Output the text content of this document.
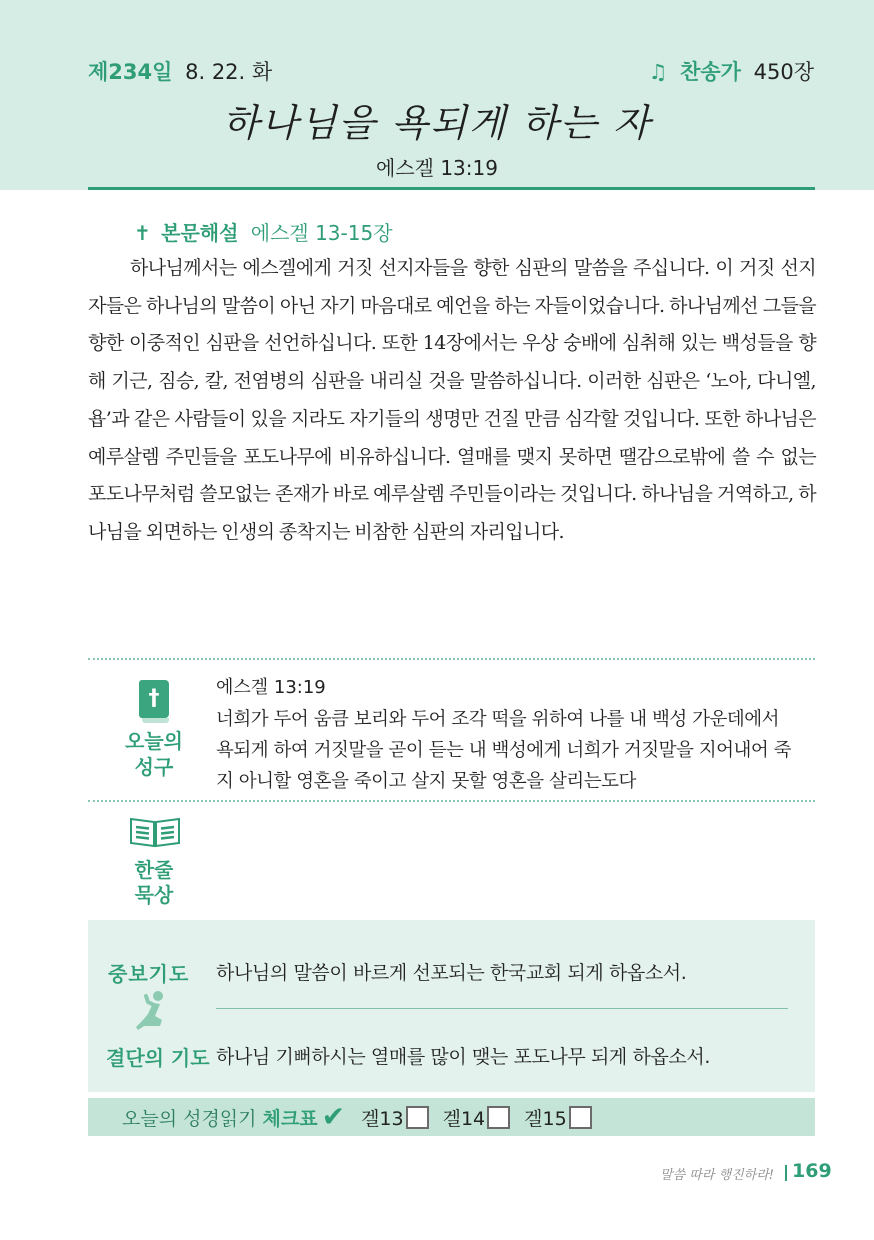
제234일 8. 22. 화	♫ 찬송가 450장
하나님을 욕되게 하는 자
에스겔 13:19
✝ 본문해설 에스겔 13-15장

하나님께서는 에스겔에게 거짓 선지자들을 향한 심판의 말씀을 주십니다. 이 거짓 선지자들은 하나님의 말씀이 아닌 자기 마음대로 예언을 하는 자들이었습니다. 하나님께선 그들을 향한 이중적인 심판을 선언하십니다. 또한 14장에서는 우상 숭배에 심취해 있는 백성들을 향해 기근, 짐승, 칼, 전염병의 심판을 내리실 것을 말씀하십니다. 이러한 심판은 ‘노아, 다니엘, 욥’과 같은 사람들이 있을 지라도 자기들의 생명만 건질 만큼 심각할 것입니다. 또한 하나님은 예루살렘 주민들을 포도나무에 비유하십니다. 열매를 맺지 못하면 땔감으로밖에 쓸 수 없는 포도나무처럼 쓸모없는 존재가 바로 예루살렘 주민들이라는 것입니다. 하나님을 거역하고, 하나님을 외면하는 인생의 종착지는 비참한 심판의 자리입니다.

†
오늘의
성구
에스겔 13:19
너희가 두어 움큼 보리와 두어 조각 떡을 위하여 나를 내 백성 가운데에서 욕되게 하여 거짓말을 곧이 듣는 내 백성에게 너희가 거짓말을 지어내어 죽지 아니할 영혼을 죽이고 살지 못할 영혼을 살리는도다
한줄
묵상
중보기도 하나님의 말씀이 바르게 선포되는 한국교회 되게 하옵소서.
결단의 기도 하나님 기뻐하시는 열매를 많이 맺는 포도나무 되게 하옵소서.
오늘의 성경읽기 체크표 ✔ 겔13 겔14 겔15
말씀 따라 행진하라! 169
